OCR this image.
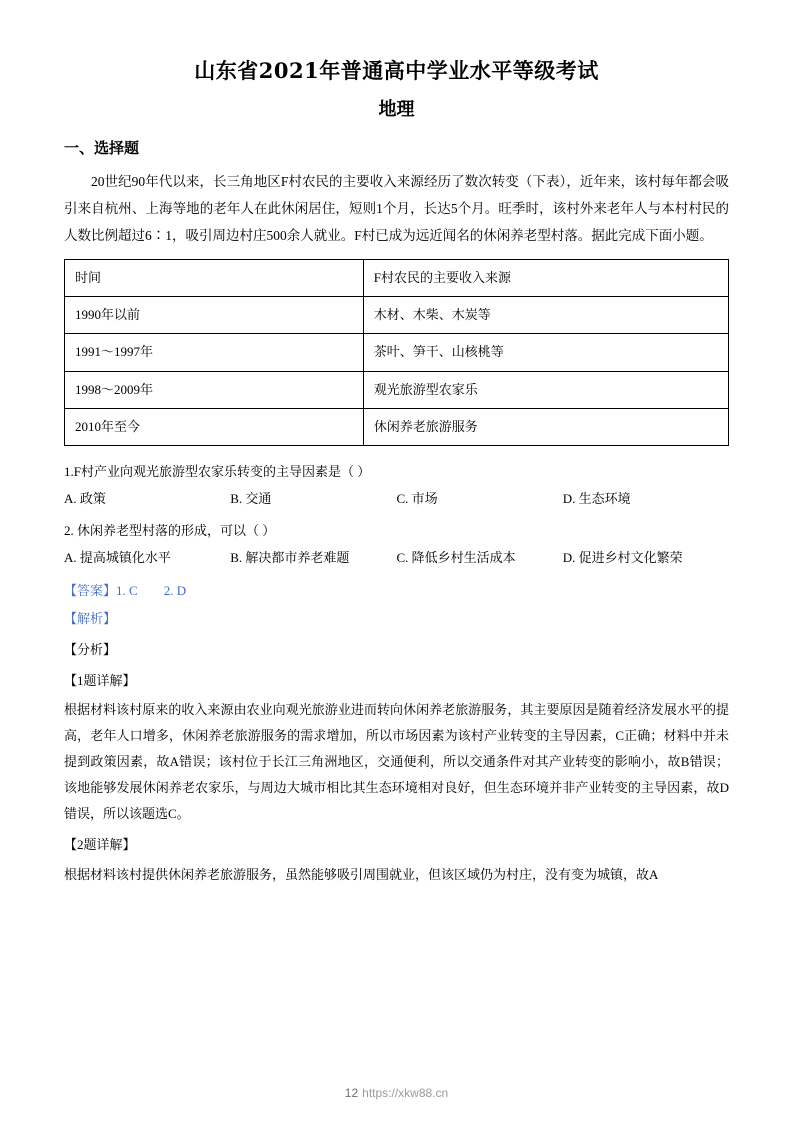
山东省2021年普通高中学业水平等级考试
地理
一、选择题
20世纪90年代以来，长三角地区F村农民的主要收入来源经历了数次转变（下表），近年来，该村每年都会吸引来自杭州、上海等地的老年人在此休闲居住，短则1个月，长达5个月。旺季时，该村外来老年人与本村村民的人数比例超过6∶1，吸引周边村庄500余人就业。F村已成为远近闻名的休闲养老型村落。据此完成下面小题。
时间	F村农民的主要收入来源
1990年以前	木材、木柴、木炭等
1991～1997年	茶叶、笋干、山核桃等
1998～2009年	观光旅游型农家乐
2010年至今	休闲养老旅游服务
1.F村产业向观光旅游型农家乐转变的主导因素是（ ）
A. 政策	B. 交通	C. 市场	D. 生态环境
2. 休闲养老型村落的形成，可以（ ）
A. 提高城镇化水平	B. 解决都市养老难题	C. 降低乡村生活成本	D. 促进乡村文化繁荣
【答案】1. C 2. D
【解析】
【分析】
【1题详解】
根据材料该村原来的收入来源由农业向观光旅游业进而转向休闲养老旅游服务，其主要原因是随着经济发展水平的提高，老年人口增多，休闲养老旅游服务的需求增加，所以市场因素为该村产业转变的主导因素，C正确；材料中并未提到政策因素，故A错误；该村位于长江三角洲地区，交通便利，所以交通条件对其产业转变的影响小，故B错误；该地能够发展休闲养老农家乐，与周边大城市相比其生态环境相对良好，但生态环境并非产业转变的主导因素，故D错误，所以该题选C。
【2题详解】
根据材料该村提供休闲养老旅游服务，虽然能够吸引周围就业，但该区域仍为村庄，没有变为城镇，故A
12 https://xkw88.cn
